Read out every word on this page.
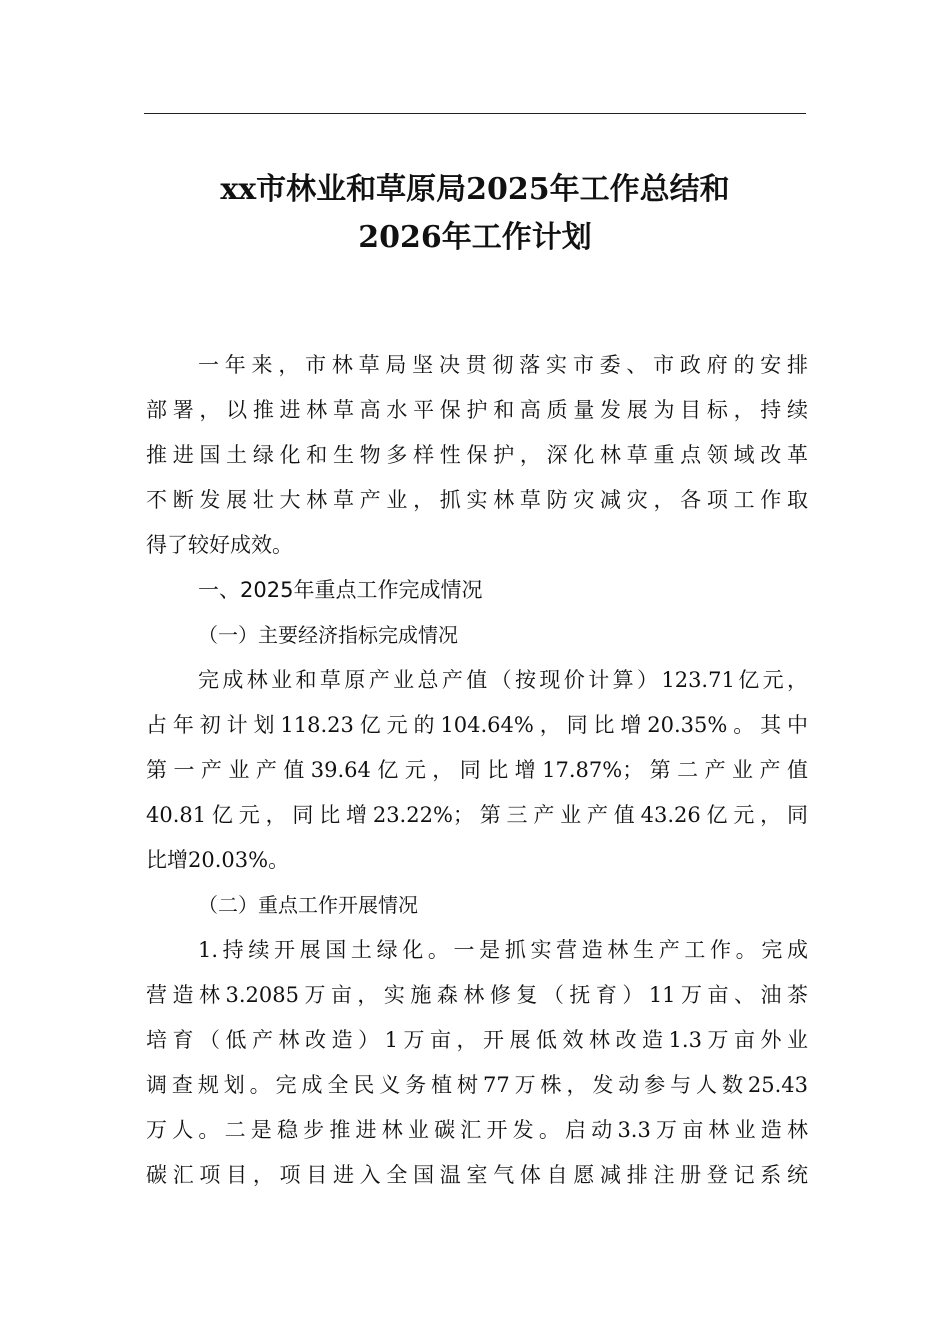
xx市林业和草原局2025年工作总结和
2026年工作计划
一年来，市林草局坚决贯彻落实市委、市政府的安排
部署，以推进林草高水平保护和高质量发展为目标，持续
推进国土绿化和生物多样性保护，深化林草重点领域改革
不断发展壮大林草产业，抓实林草防灾减灾，各项工作取
得了较好成效。
一、2025年重点工作完成情况
（一）主要经济指标完成情况
完成林业和草原产业总产值（按现价计算）123.71亿元，
占年初计划118.23亿元的104.64%，同比增20.35%。其中
第一产业产值39.64亿元，同比增17.87%；第二产业产值
40.81亿元，同比增23.22%；第三产业产值43.26亿元，同
比增20.03%。
（二）重点工作开展情况
1.持续开展国土绿化。一是抓实营造林生产工作。完成
营造林3.2085万亩，实施森林修复（抚育）11万亩、油茶
培育（低产林改造）1万亩，开展低效林改造1.3万亩外业
调查规划。完成全民义务植树77万株，发动参与人数25.43
万人。二是稳步推进林业碳汇开发。启动3.3万亩林业造林
碳汇项目，项目进入全国温室气体自愿减排注册登记系统
